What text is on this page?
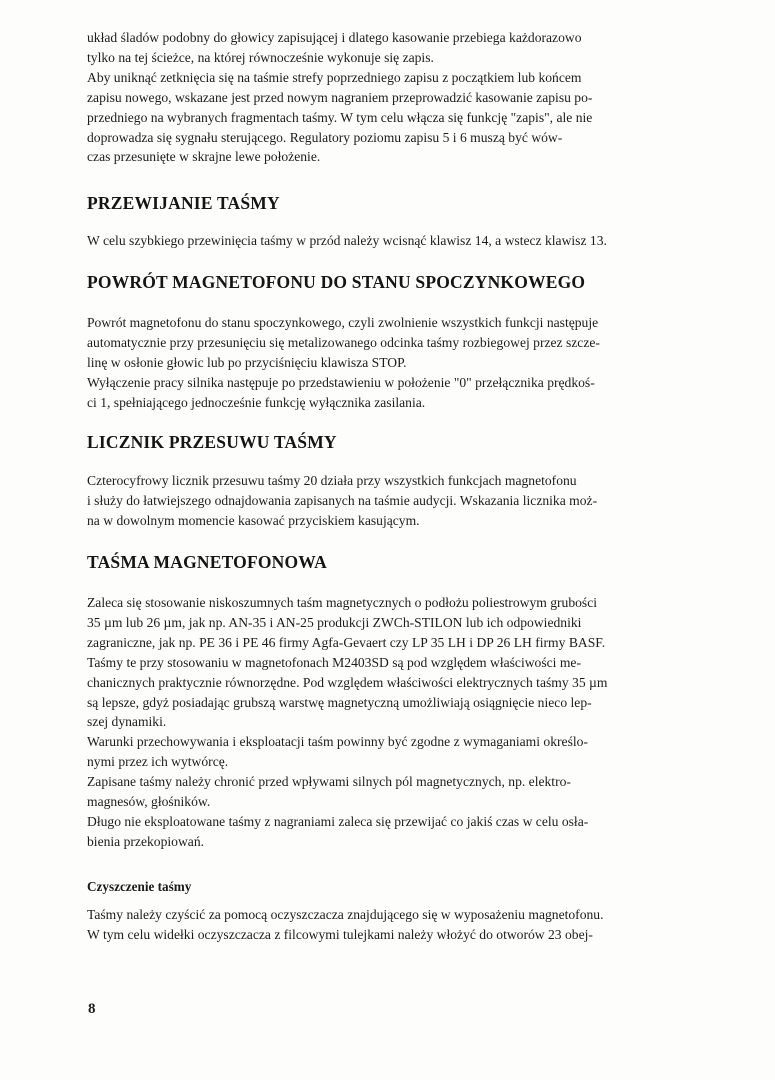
układ śladów podobny do głowicy zapisującej i dlatego kasowanie przebiega każdorazowo
tylko na tej ścieżce, na której równocześnie wykonuje się zapis.
Aby uniknąć zetknięcia się na taśmie strefy poprzedniego zapisu z początkiem lub końcem
zapisu nowego, wskazane jest przed nowym nagraniem przeprowadzić kasowanie zapisu po-
przedniego na wybranych fragmentach taśmy. W tym celu włącza się funkcję "zapis", ale nie
doprowadza się sygnału sterującego. Regulatory poziomu zapisu 5 i 6 muszą być wów-
czas przesunięte w skrajne lewe położenie.

PRZEWIJANIE TAŚMY

W celu szybkiego przewinięcia taśmy w przód należy wcisnąć klawisz 14, a wstecz klawisz 13.

POWRÓT MAGNETOFONU DO STANU SPOCZYNKOWEGO

Powrót magnetofonu do stanu spoczynkowego, czyli zwolnienie wszystkich funkcji następuje
automatycznie przy przesunięciu się metalizowanego odcinka taśmy rozbiegowej przez szcze-
linę w osłonie głowic lub po przyciśnięciu klawisza STOP.
Wyłączenie pracy silnika następuje po przedstawieniu w położenie "0" przełącznika prędkoś-
ci 1, spełniającego jednocześnie funkcję wyłącznika zasilania.

LICZNIK PRZESUWU TAŚMY

Czterocyfrowy licznik przesuwu taśmy 20 działa przy wszystkich funkcjach magnetofonu
i służy do łatwiejszego odnajdowania zapisanych na taśmie audycji. Wskazania licznika moż-
na w dowolnym momencie kasować przyciskiem kasującym.

TAŚMA MAGNETOFONOWA

Zaleca się stosowanie niskoszumnych taśm magnetycznych o podłożu poliestrowym grubości
35 µm lub 26 µm, jak np. AN-35 i AN-25 produkcji ZWCh-STILON lub ich odpowiedniki
zagraniczne, jak np. PE 36 i PE 46 firmy Agfa-Gevaert czy LP 35 LH i DP 26 LH firmy BASF.
Taśmy te przy stosowaniu w magnetofonach M2403SD są pod względem właściwości me-
chanicznych praktycznie równorzędne. Pod względem właściwości elektrycznych taśmy 35 µm
są lepsze, gdyż posiadając grubszą warstwę magnetyczną umożliwiają osiągnięcie nieco lep-
szej dynamiki.
Warunki przechowywania i eksploatacji taśm powinny być zgodne z wymaganiami określo-
nymi przez ich wytwórcę.
Zapisane taśmy należy chronić przed wpływami silnych pól magnetycznych, np. elektro-
magnesów, głośników.
Długo nie eksploatowane taśmy z nagraniami zaleca się przewijać co jakiś czas w celu osła-
bienia przekopiowań.

Czyszczenie taśmy

Taśmy należy czyścić za pomocą oczyszczacza znajdującego się w wyposażeniu magnetofonu.
W tym celu widełki oczyszczacza z filcowymi tulejkami należy włożyć do otworów 23 obej-

8
